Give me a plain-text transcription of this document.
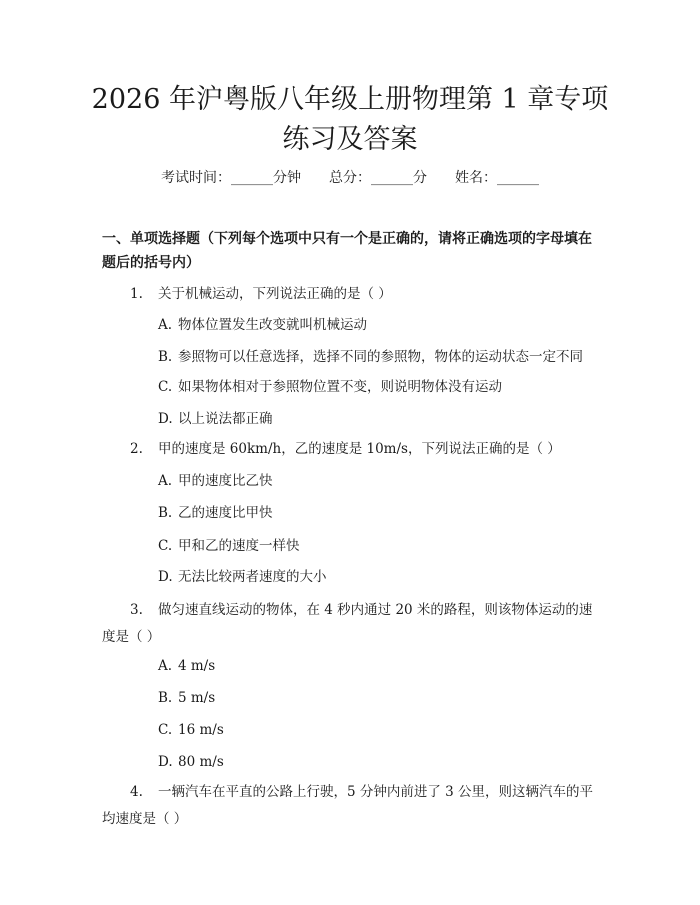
2026 年沪粤版八年级上册物理第 1 章专项练习及答案
考试时间：______分钟　　总分：______分　　姓名：______
一、单项选择题（下列每个选项中只有一个是正确的，请将正确选项的字母填在题后的括号内）

1. 关于机械运动，下列说法正确的是（ ）

A. 物体位置发生改变就叫机械运动

B. 参照物可以任意选择，选择不同的参照物，物体的运动状态一定不同

C. 如果物体相对于参照物位置不变，则说明物体没有运动

D. 以上说法都正确

2. 甲的速度是 60km/h，乙的速度是 10m/s，下列说法正确的是（ ）

A. 甲的速度比乙快

B. 乙的速度比甲快

C. 甲和乙的速度一样快

D. 无法比较两者速度的大小

3. 做匀速直线运动的物体，在 4 秒内通过 20 米的路程，则该物体运动的速度是（ ）

A. 4 m/s

B. 5 m/s

C. 16 m/s

D. 80 m/s

4. 一辆汽车在平直的公路上行驶，5 分钟内前进了 3 公里，则这辆汽车的平均速度是（ ）
